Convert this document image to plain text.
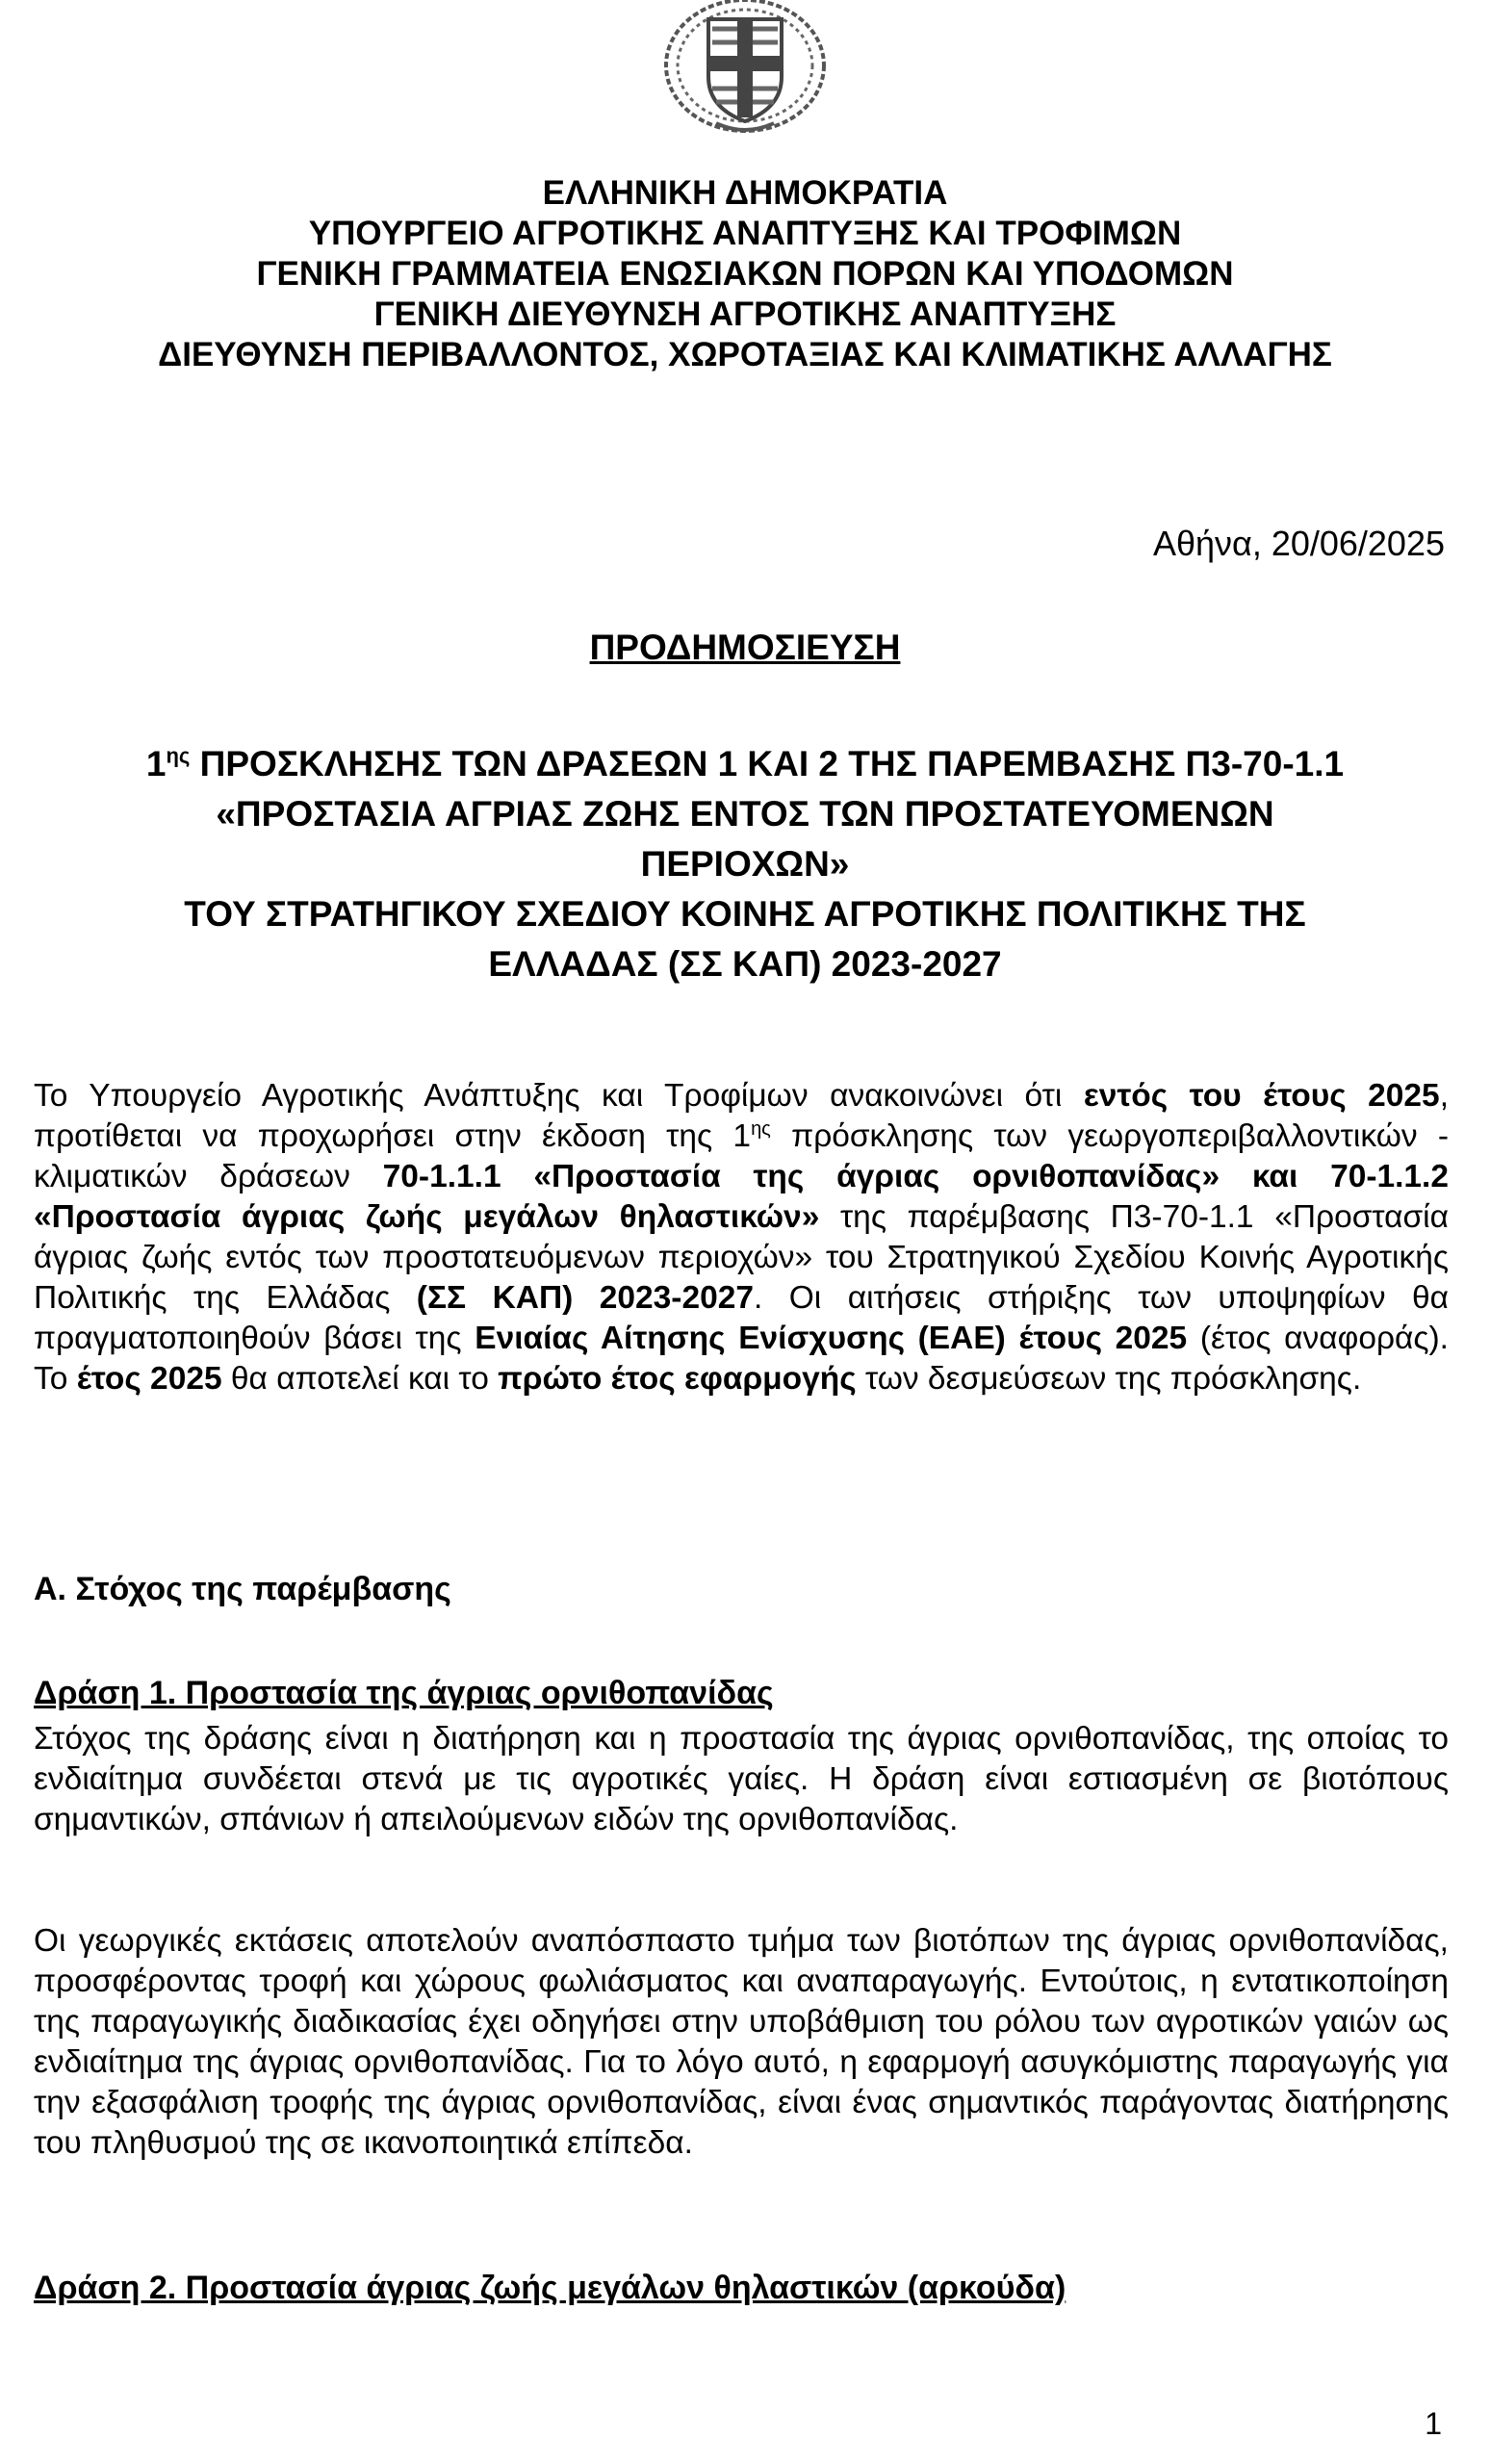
ΕΛΛΗΝΙΚΗ ΔΗΜΟΚΡΑΤΙΑ
ΥΠΟΥΡΓΕΙΟ ΑΓΡΟΤΙΚΗΣ ΑΝΑΠΤΥΞΗΣ ΚΑΙ ΤΡΟΦΙΜΩΝ
ΓΕΝΙΚΗ ΓΡΑΜΜΑΤΕΙΑ ΕΝΩΣΙΑΚΩΝ ΠΟΡΩΝ ΚΑΙ ΥΠΟΔΟΜΩΝ
ΓΕΝΙΚΗ ΔΙΕΥΘΥΝΣΗ ΑΓΡΟΤΙΚΗΣ ΑΝΑΠΤΥΞΗΣ
ΔΙΕΥΘΥΝΣΗ ΠΕΡΙΒΑΛΛΟΝΤΟΣ, ΧΩΡΟΤΑΞΙΑΣ ΚΑΙ ΚΛΙΜΑΤΙΚΗΣ ΑΛΛΑΓΗΣ
Αθήνα, 20/06/2025
ΠΡΟΔΗΜΟΣΙΕΥΣΗ
$1^{\eta\varsigma}$ ΠΡΟΣΚΛΗΣΗΣ ΤΩΝ ΔΡΑΣΕΩΝ 1 ΚΑΙ 2 ΤΗΣ ΠΑΡΕΜΒΑΣΗΣ Π3-70-1.1
«ΠΡΟΣΤΑΣΙΑ ΑΓΡΙΑΣ ΖΩΗΣ ΕΝΤΟΣ ΤΩΝ ΠΡΟΣΤΑΤΕΥΟΜΕΝΩΝ
ΠΕΡΙΟΧΩΝ»
ΤΟΥ ΣΤΡΑΤΗΓΙΚΟΥ ΣΧΕΔΙΟΥ ΚΟΙΝΗΣ ΑΓΡΟΤΙΚΗΣ ΠΟΛΙΤΙΚΗΣ ΤΗΣ
ΕΛΛΑΔΑΣ (ΣΣ ΚΑΠ) 2023-2027

Το Υπουργείο Αγροτικής Ανάπτυξης και Τροφίμων ανακοινώνει ότι εντός του έτους 2025, προτίθεται να προχωρήσει στην έκδοση της $1^{\eta\varsigma}$ πρόσκλησης των γεωργοπεριβαλλοντικών - κλιματικών δράσεων 70-1.1.1 «Προστασία της άγριας ορνιθοπανίδας» και 70-1.1.2 «Προστασία άγριας ζωής μεγάλων θηλαστικών» της παρέμβασης Π3-70-1.1 «Προστασία άγριας ζωής εντός των προστατευόμενων περιοχών» του Στρατηγικού Σχεδίου Κοινής Αγροτικής Πολιτικής της Ελλάδας (ΣΣ ΚΑΠ) 2023-2027. Οι αιτήσεις στήριξης των υποψηφίων θα πραγματοποιηθούν βάσει της Ενιαίας Αίτησης Ενίσχυσης (ΕΑΕ) έτους 2025 (έτος αναφοράς). Το έτος 2025 θα αποτελεί και το πρώτο έτος εφαρμογής των δεσμεύσεων της πρόσκλησης.

Α. Στόχος της παρέμβασης
Δράση 1. Προστασία της άγριας ορνιθοπανίδας

Στόχος της δράσης είναι η διατήρηση και η προστασία της άγριας ορνιθοπανίδας, της οποίας το ενδιαίτημα συνδέεται στενά με τις αγροτικές γαίες. Η δράση είναι εστιασμένη σε βιοτόπους σημαντικών, σπάνιων ή απειλούμενων ειδών της ορνιθοπανίδας.

Οι γεωργικές εκτάσεις αποτελούν αναπόσπαστο τμήμα των βιοτόπων της άγριας ορνιθοπανίδας, προσφέροντας τροφή και χώρους φωλιάσματος και αναπαραγωγής. Εντούτοις, η εντατικοποίηση της παραγωγικής διαδικασίας έχει οδηγήσει στην υποβάθμιση του ρόλου των αγροτικών γαιών ως ενδιαίτημα της άγριας ορνιθοπανίδας. Για το λόγο αυτό, η εφαρμογή ασυγκόμιστης παραγωγής για την εξασφάλιση τροφής της άγριας ορνιθοπανίδας, είναι ένας σημαντικός παράγοντας διατήρησης του πληθυσμού της σε ικανοποιητικά επίπεδα.

Δράση 2. Προστασία άγριας ζωής μεγάλων θηλαστικών (αρκούδα)
1
